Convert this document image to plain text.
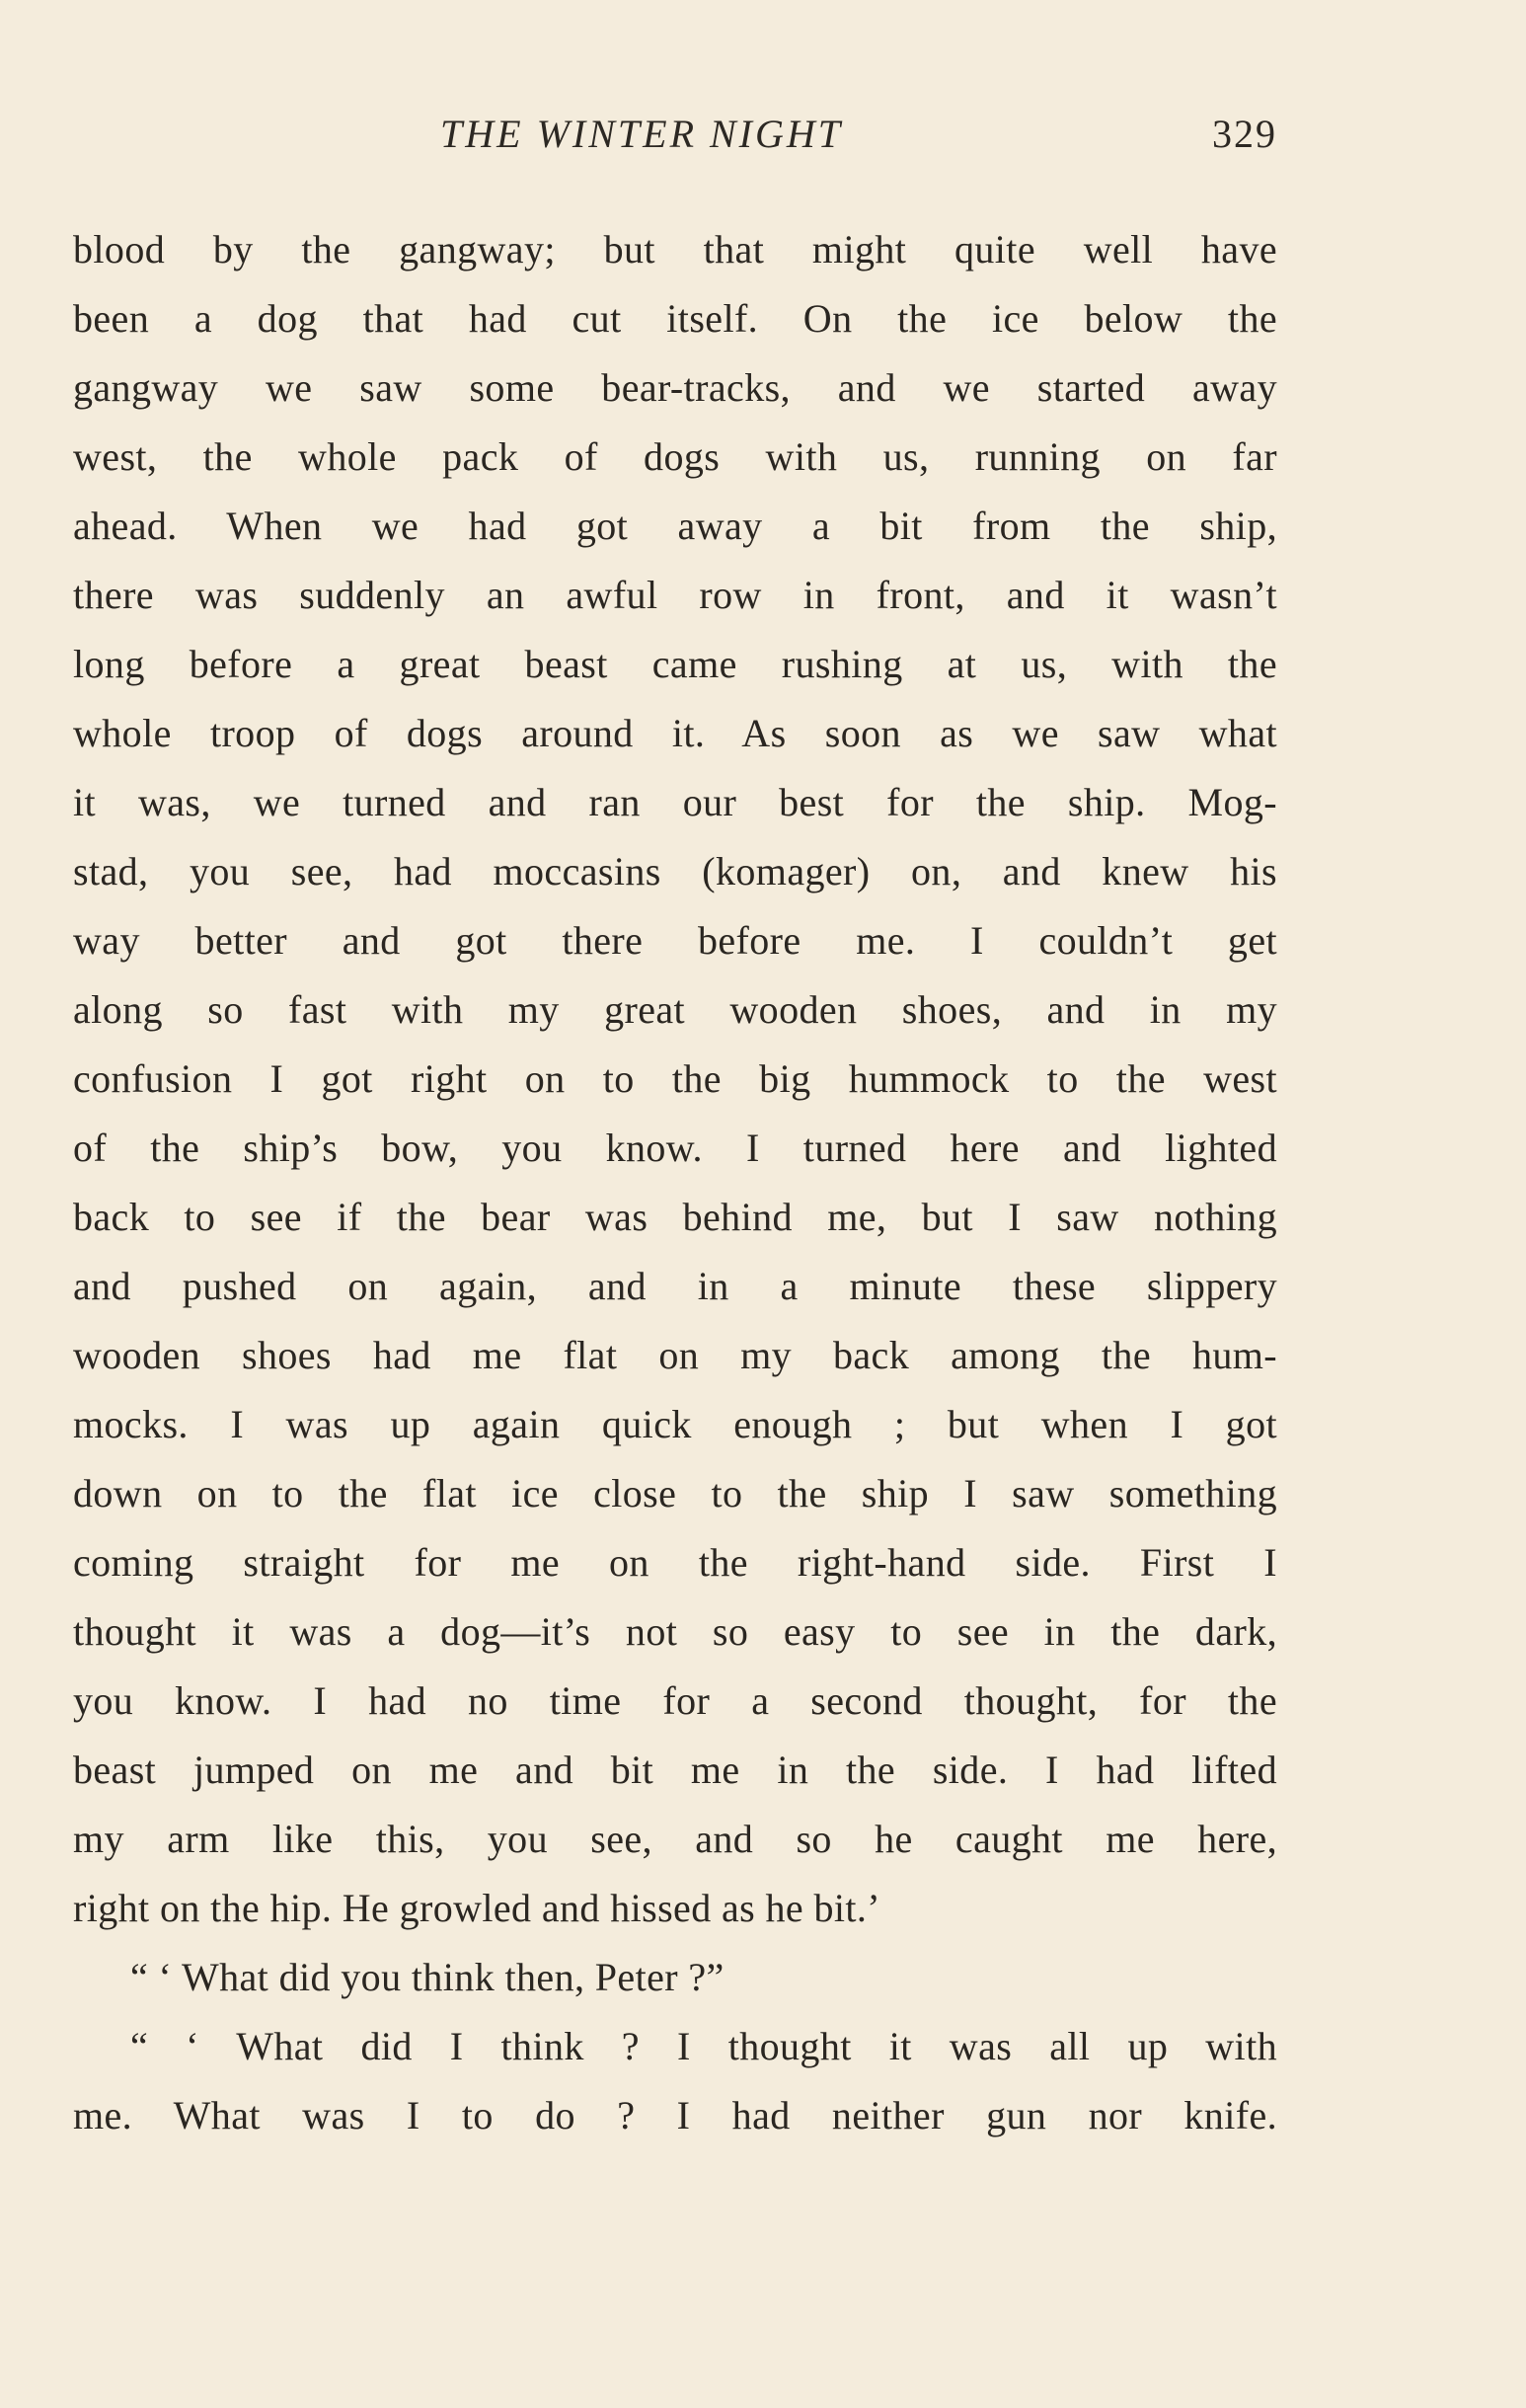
THE WINTER NIGHT	329
blood by the gangway; but that might quite well have
been a dog that had cut itself. On the ice below the
gangway we saw some bear-tracks, and we started away
west, the whole pack of dogs with us, running on far
ahead. When we had got away a bit from the ship,
there was suddenly an awful row in front, and it wasn’t
long before a great beast came rushing at us, with the
whole troop of dogs around it. As soon as we saw what
it was, we turned and ran our best for the ship. Mog-
stad, you see, had moccasins (komager) on, and knew his
way better and got there before me. I couldn’t get
along so fast with my great wooden shoes, and in my
confusion I got right on to the big hummock to the west
of the ship’s bow, you know. I turned here and lighted
back to see if the bear was behind me, but I saw nothing
and pushed on again, and in a minute these slippery
wooden shoes had me flat on my back among the hum-
mocks. I was up again quick enough ; but when I got
down on to the flat ice close to the ship I saw something
coming straight for me on the right-hand side. First I
thought it was a dog—it’s not so easy to see in the dark,
you know. I had no time for a second thought, for the
beast jumped on me and bit me in the side. I had lifted
my arm like this, you see, and so he caught me here,
right on the hip. He growled and hissed as he bit.’
“ ‘ What did you think then, Peter ?”
“ ‘ What did I think ? I thought it was all up with
me. What was I to do ? I had neither gun nor knife.
